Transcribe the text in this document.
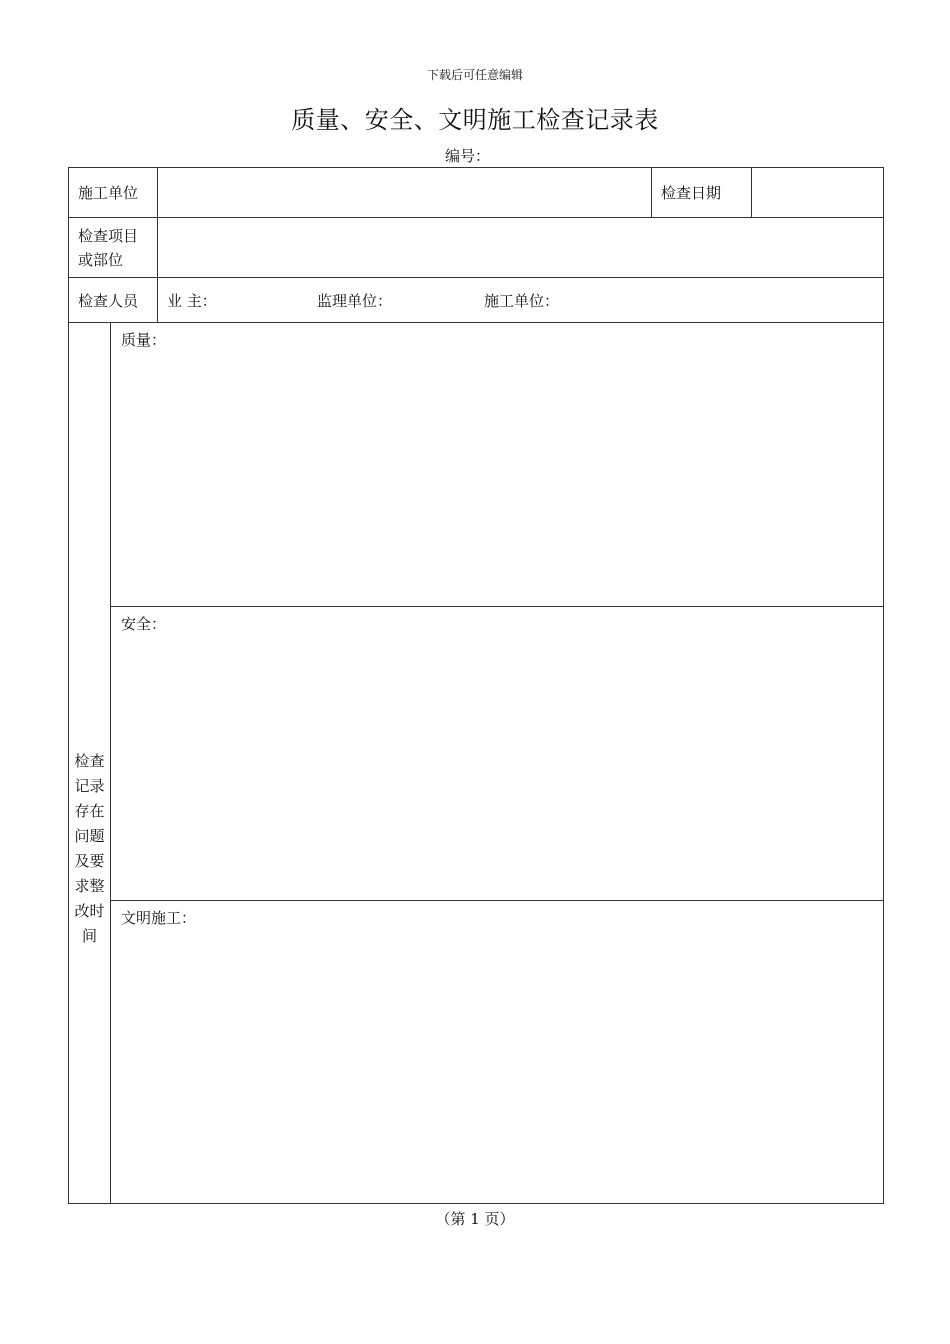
下载后可任意编辑
质量、安全、文明施工检查记录表
编号：
施工单位			检查日期	

检查项目
或部位				

检查人员		业 主： 监理单位： 施工单位：		

检查记录存在问题及要求整改时间	质量：			
	安全：			
	文明施工：			
（第 1 页）
